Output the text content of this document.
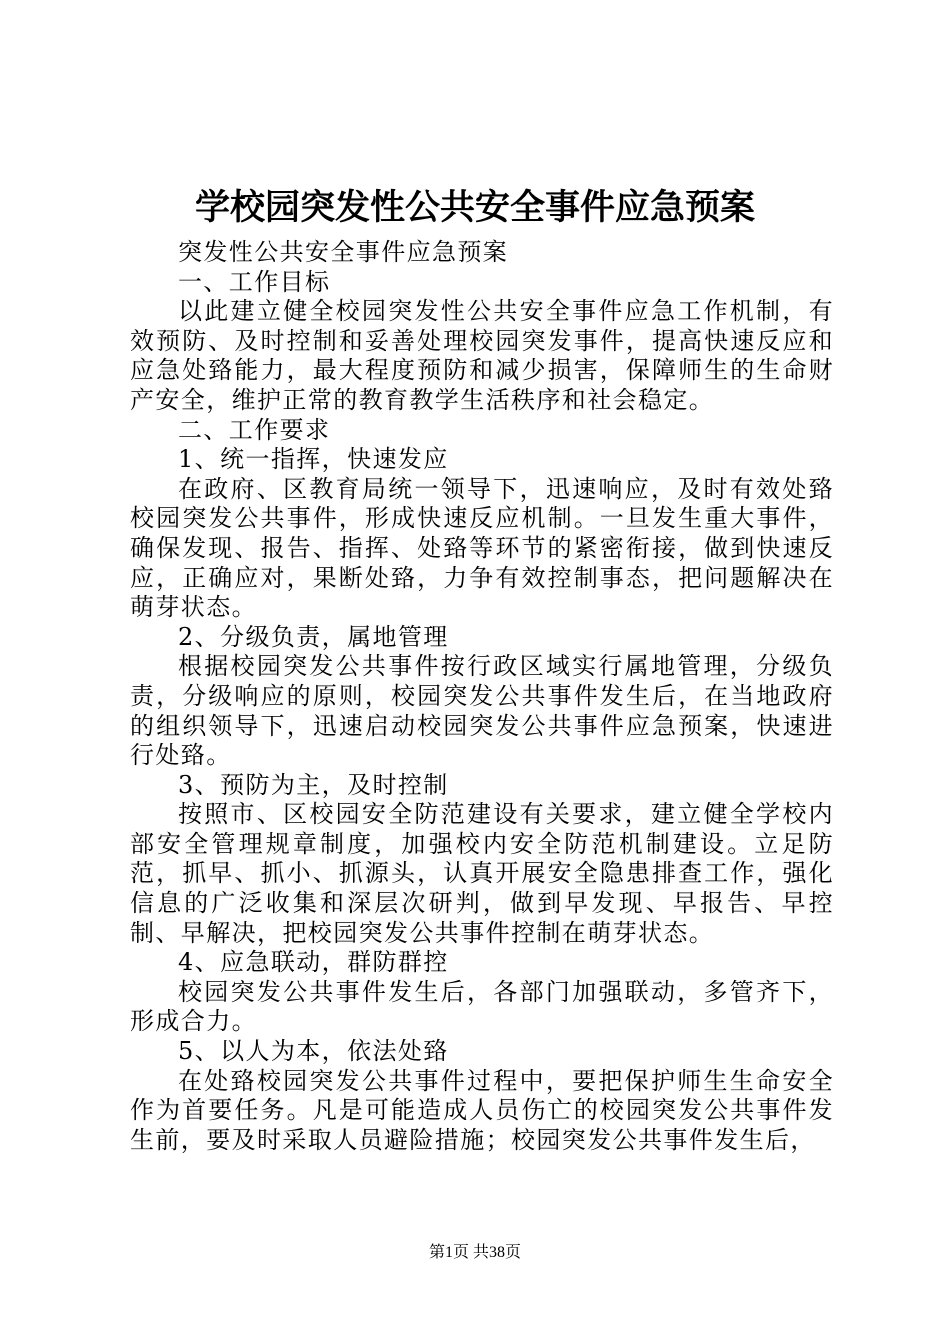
学校园突发性公共安全事件应急预案

突发性公共安全事件应急预案

一、工作目标

以此建立健全校园突发性公共安全事件应急工作机制，有效预防、及时控制和妥善处理校园突发事件，提高快速反应和应急处臵能力，最大程度预防和减少损害，保障师生的生命财产安全，维护正常的教育教学生活秩序和社会稳定。

二、工作要求

1、统一指挥，快速发应

在政府、区教育局统一领导下，迅速响应，及时有效处臵校园突发公共事件，形成快速反应机制。一旦发生重大事件，确保发现、报告、指挥、处臵等环节的紧密衔接，做到快速反应，正确应对，果断处臵，力争有效控制事态，把问题解决在萌芽状态。

2、分级负责，属地管理

根据校园突发公共事件按行政区域实行属地管理，分级负责，分级响应的原则，校园突发公共事件发生后，在当地政府的组织领导下，迅速启动校园突发公共事件应急预案，快速进行处臵。

3、预防为主，及时控制

按照市、区校园安全防范建设有关要求，建立健全学校内部安全管理规章制度，加强校内安全防范机制建设。立足防范，抓早、抓小、抓源头，认真开展安全隐患排查工作，强化信息的广泛收集和深层次研判，做到早发现、早报告、早控制、早解决，把校园突发公共事件控制在萌芽状态。

4、应急联动，群防群控

校园突发公共事件发生后，各部门加强联动，多管齐下，形成合力。

5、以人为本，依法处臵

在处臵校园突发公共事件过程中，要把保护师生生命安全作为首要任务。凡是可能造成人员伤亡的校园突发公共事件发生前，要及时采取人员避险措施；校园突发公共事件发生后，

第1页 共38页
